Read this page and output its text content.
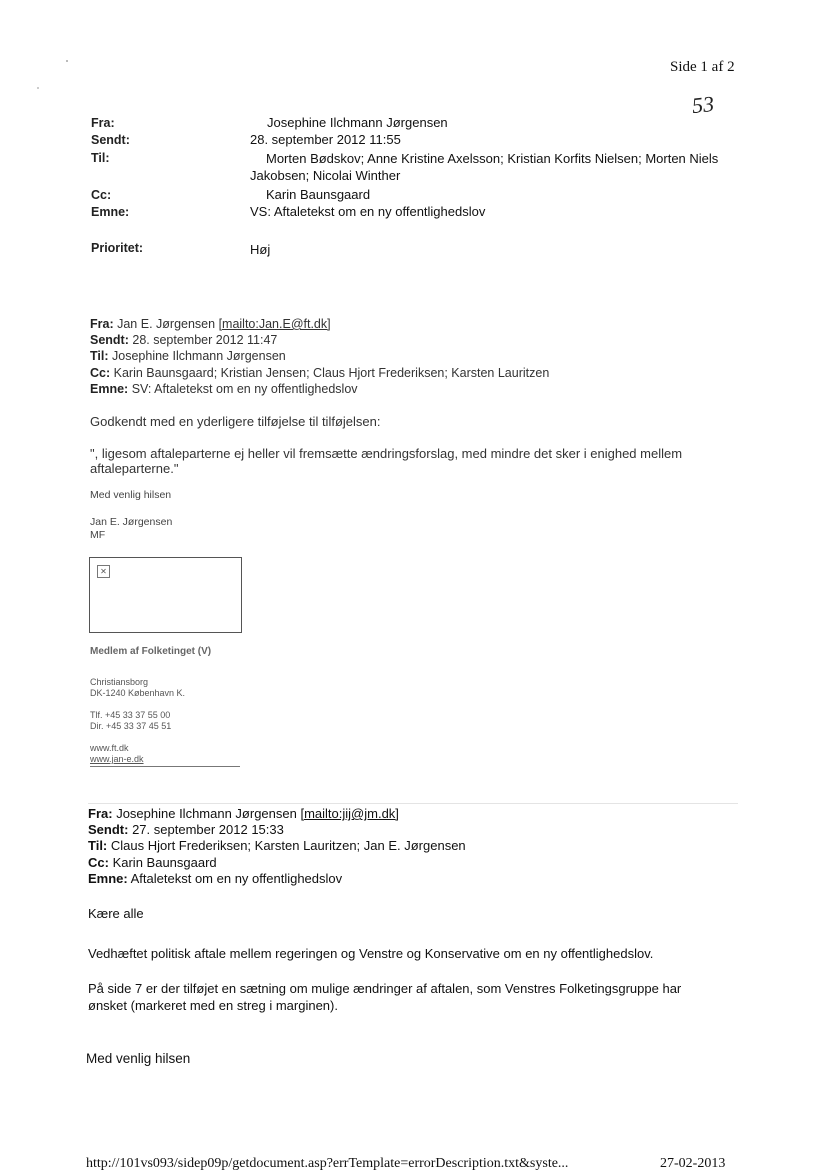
Side 1 af 2
53
Fra:	Josephine Ilchmann Jørgensen
Sendt:	28. september 2012 11:55
Til:	Morten Bødskov; Anne Kristine Axelsson; Kristian Korfits Nielsen; Morten Niels
Jakobsen; Nicolai Winther
Cc:	Karin Baunsgaard
Emne:	VS: Aftaletekst om en ny offentlighedslov
Prioritet:	Høj
Fra: Jan E. Jørgensen [mailto:Jan.E@ft.dk]
Sendt: 28. september 2012 11:47
Til: Josephine Ilchmann Jørgensen
Cc: Karin Baunsgaard; Kristian Jensen; Claus Hjort Frederiksen; Karsten Lauritzen
Emne: SV: Aftaletekst om en ny offentlighedslov
Godkendt med en yderligere tilføjelse til tilføjelsen:
", ligesom aftaleparterne ej heller vil fremsætte ændringsforslag, med mindre det sker i enighed mellem
aftaleparterne."
Med venlig hilsen
Jan E. Jørgensen
MF
✕
Medlem af Folketinget (V)
Christiansborg
DK-1240 København K.
Tlf. +45 33 37 55 00
Dir. +45 33 37 45 51
www.ft.dk
www.jan-e.dk
Fra: Josephine Ilchmann Jørgensen [mailto:jij@jm.dk]
Sendt: 27. september 2012 15:33
Til: Claus Hjort Frederiksen; Karsten Lauritzen; Jan E. Jørgensen
Cc: Karin Baunsgaard
Emne: Aftaletekst om en ny offentlighedslov
Kære alle
Vedhæftet politisk aftale mellem regeringen og Venstre og Konservative om en ny offentlighedslov.
På side 7 er der tilføjet en sætning om mulige ændringer af aftalen, som Venstres Folketingsgruppe har
ønsket (markeret med en streg i marginen).
Med venlig hilsen
http://101vs093/sidep09p/getdocument.asp?errTemplate=errorDescription.txt&syste...	27-02-2013
